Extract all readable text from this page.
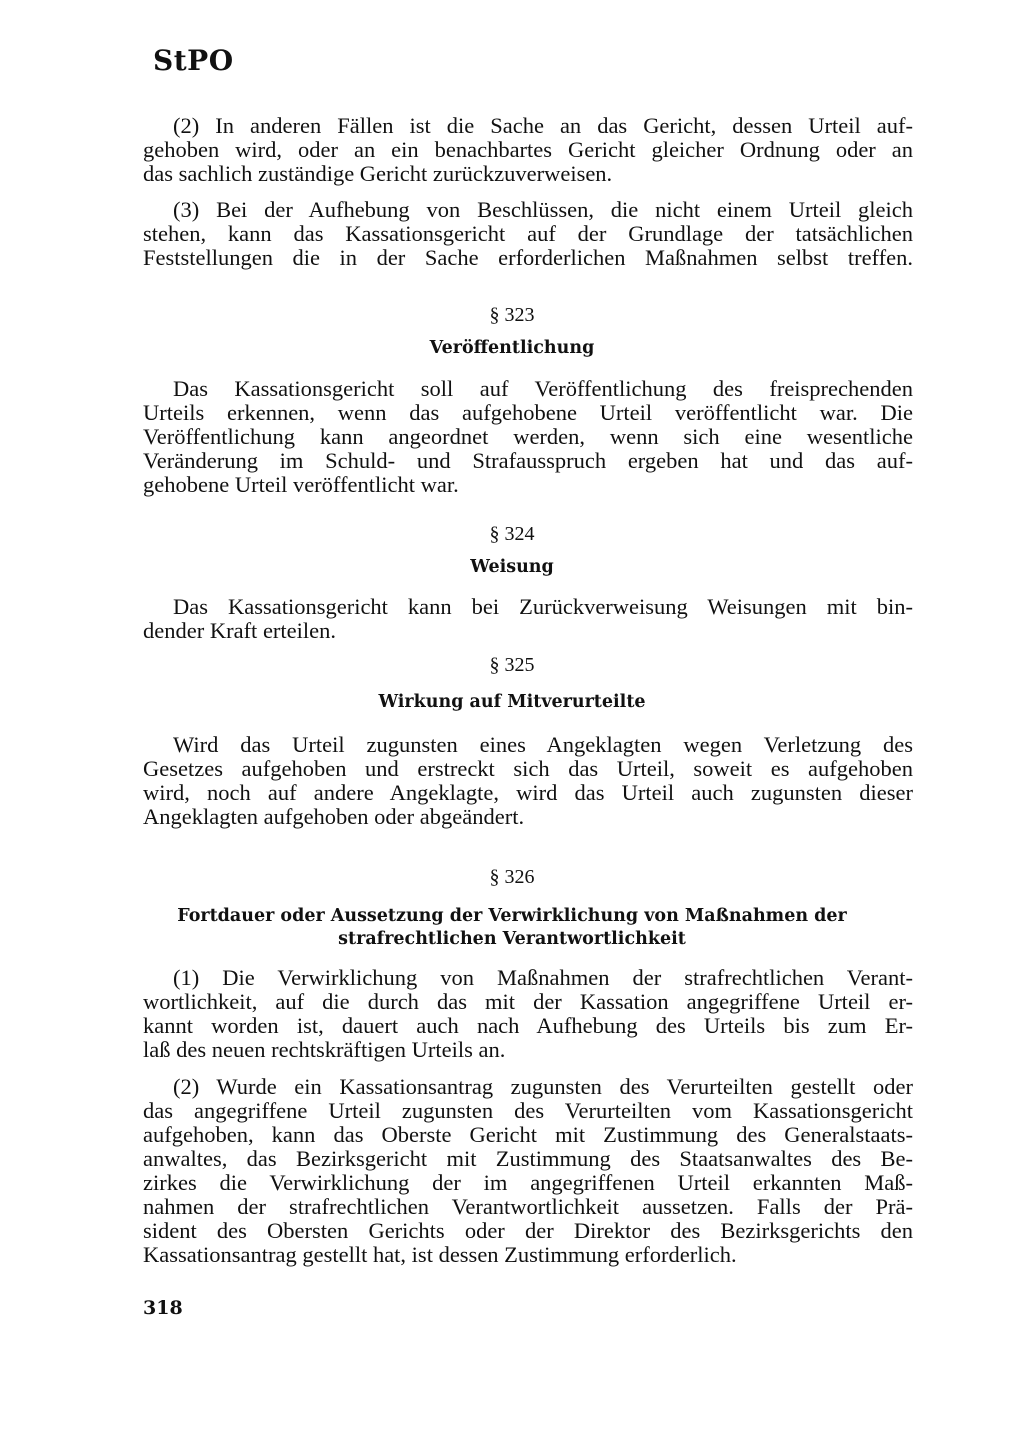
StPO
(2) In anderen Fällen ist die Sache an das Gericht, dessen Urteil auf-
gehoben wird, oder an ein benachbartes Gericht gleicher Ordnung oder an
das sachlich zuständige Gericht zurückzuverweisen.
(3) Bei der Aufhebung von Beschlüssen, die nicht einem Urteil gleich
stehen, kann das Kassationsgericht auf der Grundlage der tatsächlichen
Feststellungen die in der Sache erforderlichen Maßnahmen selbst treffen.
§ 323
Veröffentlichung
Das Kassationsgericht soll auf Veröffentlichung des freisprechenden
Urteils erkennen, wenn das aufgehobene Urteil veröffentlicht war. Die
Veröffentlichung kann angeordnet werden, wenn sich eine wesentliche
Veränderung im Schuld- und Strafausspruch ergeben hat und das auf-
gehobene Urteil veröffentlicht war.
§ 324
Weisung
Das Kassationsgericht kann bei Zurückverweisung Weisungen mit bin-
dender Kraft erteilen.
§ 325
Wirkung auf Mitverurteilte
Wird das Urteil zugunsten eines Angeklagten wegen Verletzung des
Gesetzes aufgehoben und erstreckt sich das Urteil, soweit es aufgehoben
wird, noch auf andere Angeklagte, wird das Urteil auch zugunsten dieser
Angeklagten aufgehoben oder abgeändert.
§ 326
Fortdauer oder Aussetzung der Verwirklichung von Maßnahmen der
strafrechtlichen Verantwortlichkeit
(1) Die Verwirklichung von Maßnahmen der strafrechtlichen Verant-
wortlichkeit, auf die durch das mit der Kassation angegriffene Urteil er-
kannt worden ist, dauert auch nach Aufhebung des Urteils bis zum Er-
laß des neuen rechtskräftigen Urteils an.
(2) Wurde ein Kassationsantrag zugunsten des Verurteilten gestellt oder
das angegriffene Urteil zugunsten des Verurteilten vom Kassationsgericht
aufgehoben, kann das Oberste Gericht mit Zustimmung des Generalstaats-
anwaltes, das Bezirksgericht mit Zustimmung des Staatsanwaltes des Be-
zirkes die Verwirklichung der im angegriffenen Urteil erkannten Maß-
nahmen der strafrechtlichen Verantwortlichkeit aussetzen. Falls der Prä-
sident des Obersten Gerichts oder der Direktor des Bezirksgerichts den
Kassationsantrag gestellt hat, ist dessen Zustimmung erforderlich.
318
